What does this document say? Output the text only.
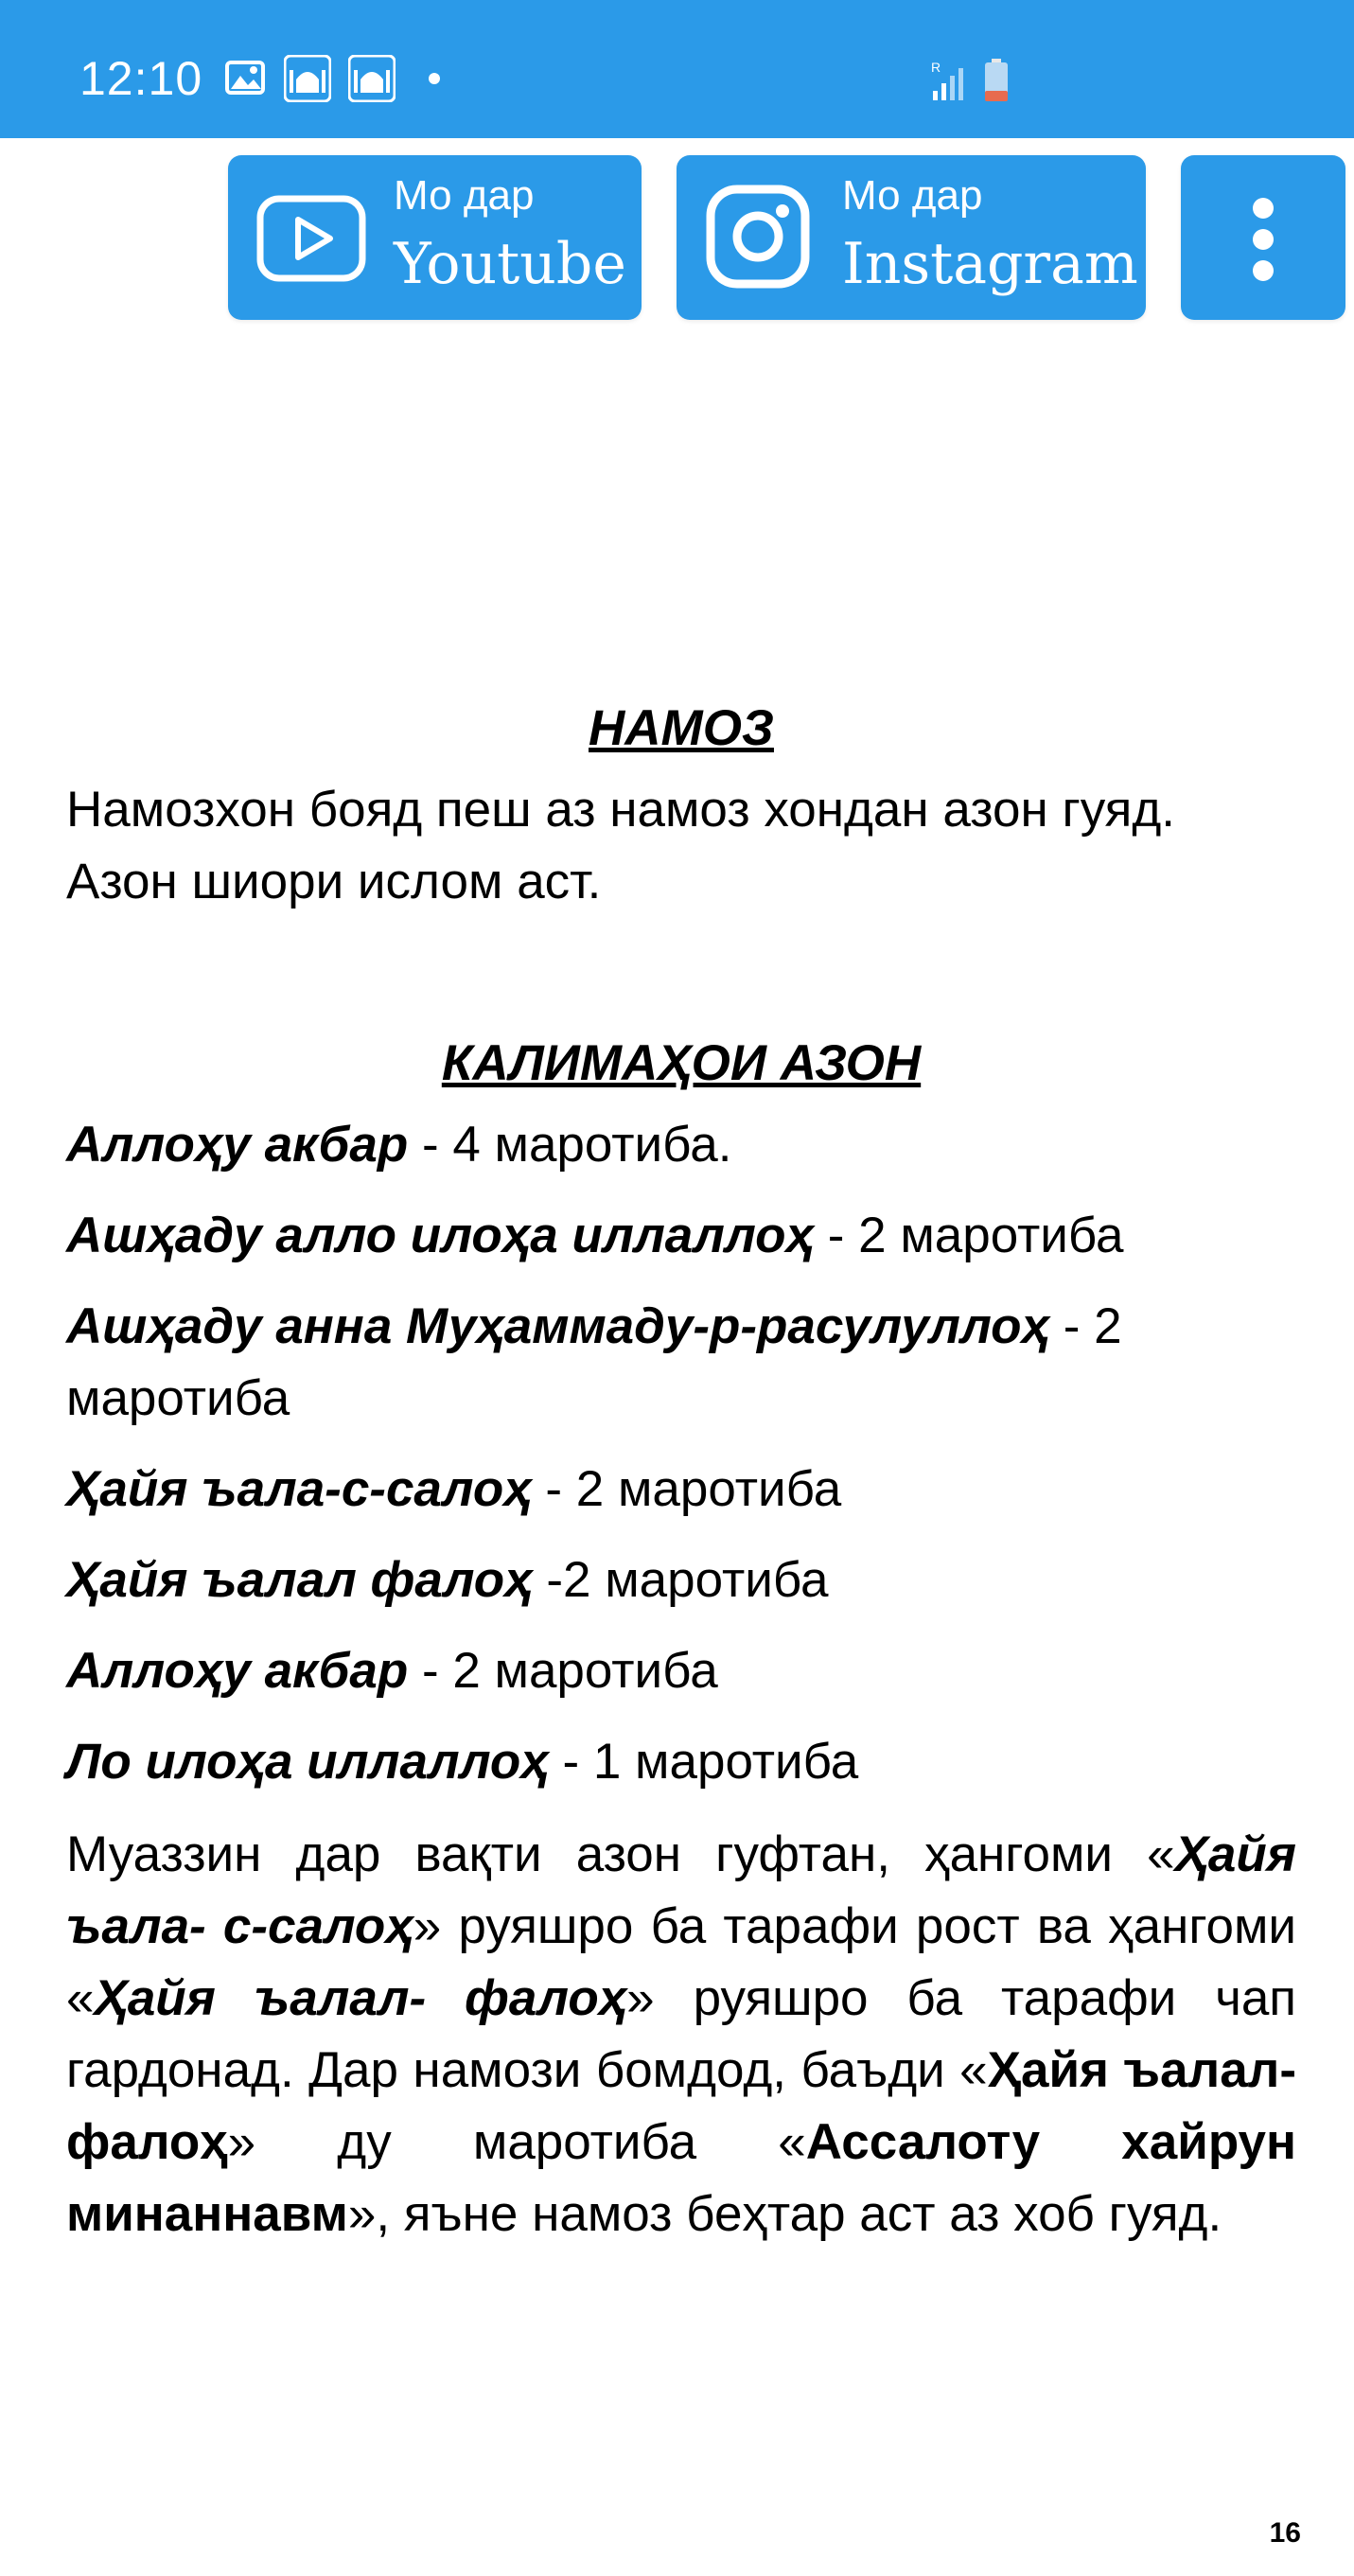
12:10	R
Мо дар
Youtube
Мо дар
Instagram

НАМОЗ

Намозхон бояд пеш аз намоз хондан азон гуяд. Азон шиори ислом аст.

КАЛИМАҲОИ АЗОН

Аллоҳу акбар - 4 маротиба.

Ашҳаду алло илоҳа иллаллоҳ - 2 маротиба

Ашҳаду анна Муҳаммаду-р-расулуллоҳ - 2 маротиба

Ҳайя ъала-с-салоҳ - 2 маротиба

Ҳайя ъалал фалоҳ -2 маротиба

Аллоҳу акбар - 2 маротиба

Ло илоҳа иллаллоҳ - 1 маротиба

Муаззин дар вақти азон гуфтан, ҳангоми «Ҳайя ъала- с-салоҳ» руяшро ба тарафи рост ва ҳангоми «Ҳайя ъалал- фалоҳ» руяшро ба тарафи чап гардонад. Дар намози бомдод, баъди «Ҳайя ъалал-фалоҳ» ду маротиба «Ассалоту хайрун минаннавм», яъне намоз беҳтар аст аз хоб гуяд.

16
